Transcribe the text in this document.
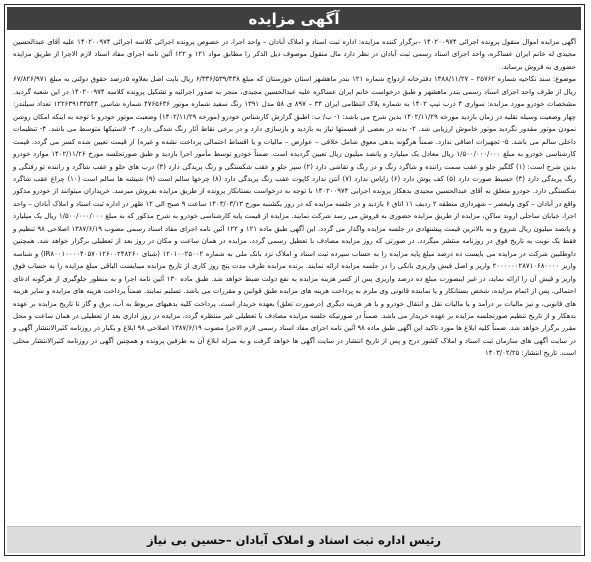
آگهی مزایده

آگهی مزایده اموال منقول پرونده اجرائی ۱۴۰۲۰۰۹۷۴ –برگزار کننده مزایده: اداره ثبت اسناد و املاک آبادان – واحد اجرا، در خصوص پرونده اجرائی کلاسه اجرائی ۱۴۰۲۰۰۹۷۴ علیه آقای عبدالحسین مجیدی له خانم ایران عساکره، واحد اجرای اسناد رسمی ثبت آبادان در نظر دارد مال منقول موصوف ذیل الذکر را مطابق مواد ۱۲۱ و ۱۲۲ آئین نامه اجرای مفاد اسناد لازم الاجرا از طریق مزایده حضوری به فروش برساند.

موضوع: سند نکاحیه شماره ۲۵۷۶۲ – ۱۳۸۸/۱۱/۲۷ دفترخانه ازدواج شماره ۱۲۱ بندر ماهشهر استان خوزستان که مبلغ ۶/۳۳۶/۵۳۹/۴۳۸ ریال بابت اصل بعلاوه ۵درصد حقوق دولتی به مبلغ ۶۷/۸۲۶/۹۷۱ ریال از طرف واحد اجرای اسناد رسمی بندر ماهشهر و طبق درخواست خانم ایران عساکره علیه عبدالحسین مجیدی، منجر به صدور اجرائیه و تشکیل پرونده کلاسه ۱۴۰۲۰۰۹۷۴ در این شعبه گردید. مشخصات خودرو مورد مزایده: سواری ۴ درب تیپ ۱۴۰۲ به شماره پلاک انتظامی ایران ۳۴ – ۸۹۷ ی ۵۸ مدل ۱۳۹۱ رنگ سفید شماره موتور ۴۷۶۵۶۳۶ شماره شاسی ۱۲۲۶۳۹۱۳۳۵۴۴ تعداد سیلندر: چهار وضعیت وسیله نقلیه در زمان بازدید مورخه ۱۴۰۲/۱۱/۲۹ بدین شرح می باشد: ۱- ب/ ب: اطبق گزارش کارشناس خودرو (مورخه ۱۴۰۲/۱۱/۲۹) وضعیت موتور خودرو با توجه به اینکه امکان روشن نمودن موتور مقدور نگردید موتور خاموش ارزیابی شد. ۲- بدنه در بعضی از قسمتها نیاز به بازدید و بازسازی دارد و در برخی نقاط آثار رنگ شدگی دارد. ۳- لاستیکها متوسط می باشد. ۴- تنظیمات داخلی سالم می باشد. ۵- تجهیزات اضافی ندارد. ضمناً هرگونه بدهی معوق شامل خلافی – عوارض – مالیات و یا اقساط احتمالی پرداخت نشده و غیره) از قیمت تعیین شده کسر می گردد. قیمت کارشناسی خودرو به مبلغ ۱/۵۰۰/۰۰۰/۰۰۰ ریال معادل یک میلیارد و پانصد میلیون ریال تعیین گردیده است. ضمناً خودرو توسط مأمور اجرا بازدید و طبق صورتجلسه مورخ ۱۴۰۲/۱۱/۲۶ موارد خودرو بدین شرح است: (۱) گلگیر جلو و عقب سمت راننده و شاگرد رنگ و در رنگ و تقاشی دارد (۲) سپر جلو و عقب شکستگی و رنگ پریدگی دارد (۳) درب های جلو و عقب شاگرد و راننده تو رفتگی و رنگ پریدگی دارد (۴) خسیط صورت دارد (۵) کف پوش دارد (۶) زاپاس ندارد (۷) آنتن ندارد کاپوت عقب رنگ پریدگی دارد (۸) چرخها سالم است (۹) شیشه ها سالم است (۱۰) چراغ عقب شاگرد شکستگی دارد. خودرو متعلق به آقای عبدالحسین مجیدی بدهکار پرونده اجرایی ۱۴۰۲۰۰۹۷۴ با توجه به درخواست بستانکار پرونده از طریق مزایده بفروش میرسد. خریداران میتوانند از خودرو مذکور واقع در آبادان – کوی ولیعصر – شهرداری منطقه ۲ ردیف ۱۱ اتاق ۶ بازدید و در جلسه مزایده که در روز یکشنبه مورخ ۱۴۰۳/۰۳/۱۳ ساعت ۹ صبح الی ۱۲ ظهر در اداره ثبت اسناد و املاک آبادان – واحد اجرا، خیابان ساحلی اروند ساکن، مزایده از طریق مزایده حضوری به فروش می رسد شرکت نمایند. مزایده از قیمت پایه کارشناسی خودرو به شرح مذکور که به مبلغ ۱/۵۰۰/۰۰۰/۰۰۰ ریال یک میلیارد و پانصد میلیون ریال شروع و به بالاترین قیمت پیشنهادی در جلسه مزایده واگذار می گردد. این آگهی طبق ماده ۱۲۱ و ۱۲۲ آئین نامه اجرای مفاد اسناد رسمی مصوب ۱۳۸۷/۶/۱۹ اصلاحی ۹۸ تنظیم و فقط یک نوبت به تاریخ فوق در روزنامه منتشر میگردد. در صورتی که روز مزایده مصادف با تعطیل رسمی گردد، مزایده در همان ساعت و مکان در روز بعد از تعطیلی برگزار خواهد شد. همچنین داوطلبین شرکت در مزایده می بایست ده درصد مبلغ پایه مزایده را به حساب سپرده ثبت اسناد و املاک نزد بانک ملی به شماره ۱۲۰۱۰۰۲۵۰۰۲ (شبای IR۸۰۰۱۰۰۰۰۴۰۵۷۰۱۲۶۰۰۲۴۸۲۶۰) و شناسه واریز ۲۰۰۰۰۰۰۲۸۷۱۰۶۸۰۰۰۰ واریز و اصل فیش واریزی بانکی را در جلسه مزایده ارائه نمایند. برنده مزایده ظرف مدت پنج روز کاری از تاریخ مزایده میبایست الباقی مبلغ مزایده را به حساب فوق واریز و فیش آن را ارائه نماید، در غیر اینصورت مبلغ ده درصد واریزی پس از کسر هزینه مزایده به نفع دولت ضبط خواهد شد. طبق ماده ۱۳۰ آئین نامه اجرا و به منظور جلوگیری از هرگونه ادعای احتمالی، پس از اتمام مزایده، شخص بستانکار و یا نماینده قانونی وی ملزم به پرداخت هزینه های مزایده طبق قوانین و مقررات می باشد. تسلیم نمایند. ضمناً پرداخت هزینه های مزایده و سایر هزینه های قانونی، و نیز مالیات بر درآمد و یا مالیات نقل و انتقال خودرو و یا هر هزینه دیگری (درصورت تعلق) بعهده خریدار است. پرداخت کلیه بدهیهای مربوط به آب، برق و گاز تا تاریخ مزایده بر عهده بدهکار و از تاریخ تنظیم صورتجلسه مزایده بر عهده خریدار می باشد. ضمناً در صورتیکه جلسه مزایده مصادف با تعطیلی غیر منتظره گردد، مزایده در روز اداری بعد از تعطیلی در همان ساعت و محل مقرر برگزار خواهد شد. ضمناً کلیه ابلاغ ها مورد تاکید این آگهی طبق ماده ۹۸ آئین نامه اجرای مفاد اسناد رسمی لازم الاجرا مصوب ۱۳۸۷/۶/۱۹ اصلاحی ۹۸ ابلاغ و یکبار در روزنامه کثیرالانتشار آگهی و در سایت آگهی های سازمان ثبت اسناد و املاک کشور درج و پس از تاریخ انتشار در سایت آگهی ها خواهد گرفت و به منزله ابلاغ آن به طرفین پرونده و همچنین آگهی در روزنامه کثیرالانتشار محلی است. تاریخ انتشار: ۱۴۰۳/۰۲/۲۵

رئیس اداره ثبت اسناد و املاک آبادان –حسین بی نیاز
